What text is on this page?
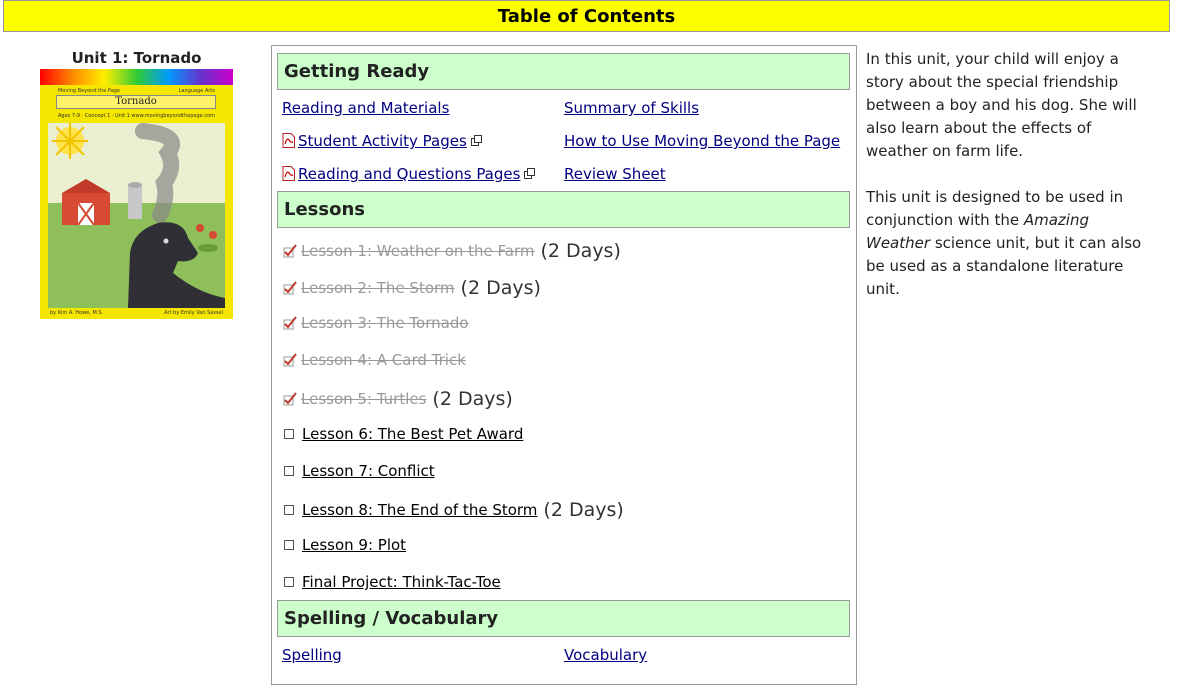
Table of Contents
Unit 1: Tornado
Moving Beyond the Page	Language Arts
Tornado
Ages 7-9 · Concept 1 · Unit 1 www.movingbeyondthepage.com
by Kim A. Howe, M.S.	Art by Emily Van Sassel
Getting Ready
Reading and Materials	Summary of Skills
Student Activity Pages	How to Use Moving Beyond the Page
Reading and Questions Pages	Review Sheet
Lessons
Lesson 1: Weather on the Farm (2 Days)
Lesson 2: The Storm (2 Days)
Lesson 3: The Tornado
Lesson 4: A Card Trick
Lesson 5: Turtles (2 Days)
Lesson 6: The Best Pet Award
Lesson 7: Conflict
Lesson 8: The End of the Storm (2 Days)
Lesson 9: Plot
Final Project: Think-Tac-Toe
Spelling / Vocabulary
Spelling	Vocabulary
In this unit, your child will enjoy a story about the special friendship between a boy and his dog. She will also learn about the effects of weather on farm life.
This unit is designed to be used in conjunction with the Amazing Weather science unit, but it can also be used as a standalone literature unit.
